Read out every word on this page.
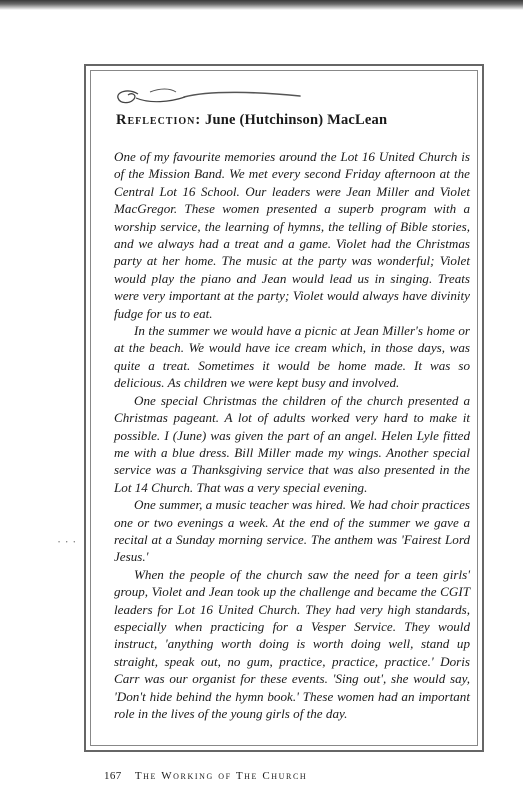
Reflection: June (Hutchinson) MacLean

One of my favourite memories around the Lot 16 United Church is of the Mission Band. We met every second Friday afternoon at the Central Lot 16 School. Our leaders were Jean Miller and Violet MacGregor. These women presented a superb program with a worship service, the learning of hymns, the telling of Bible stories, and we always had a treat and a game. Violet had the Christmas party at her home. The music at the party was wonderful; Violet would play the piano and Jean would lead us in singing. Treats were very important at the party; Violet would always have divinity fudge for us to eat.

In the summer we would have a picnic at Jean Miller's home or at the beach. We would have ice cream which, in those days, was quite a treat. Sometimes it would be home made. It was so delicious. As children we were kept busy and involved.

One special Christmas the children of the church presented a Christmas pageant. A lot of adults worked very hard to make it possible. I (June) was given the part of an angel. Helen Lyle fitted me with a blue dress. Bill Miller made my wings. Another special service was a Thanksgiving service that was also presented in the Lot 14 Church. That was a very special evening.

One summer, a music teacher was hired. We had choir practices one or two evenings a week. At the end of the summer we gave a recital at a Sunday morning service. The anthem was 'Fairest Lord Jesus.'

When the people of the church saw the need for a teen girls' group, Violet and Jean took up the challenge and became the CGIT leaders for Lot 16 United Church. They had very high standards, especially when practicing for a Vesper Service. They would instruct, 'anything worth doing is worth doing well, stand up straight, speak out, no gum, practice, practice, practice.' Doris Carr was our organist for these events. 'Sing out', she would say, 'Don't hide behind the hymn book.' These women had an important role in the lives of the young girls of the day.

• • •
167 The Working of The Church
